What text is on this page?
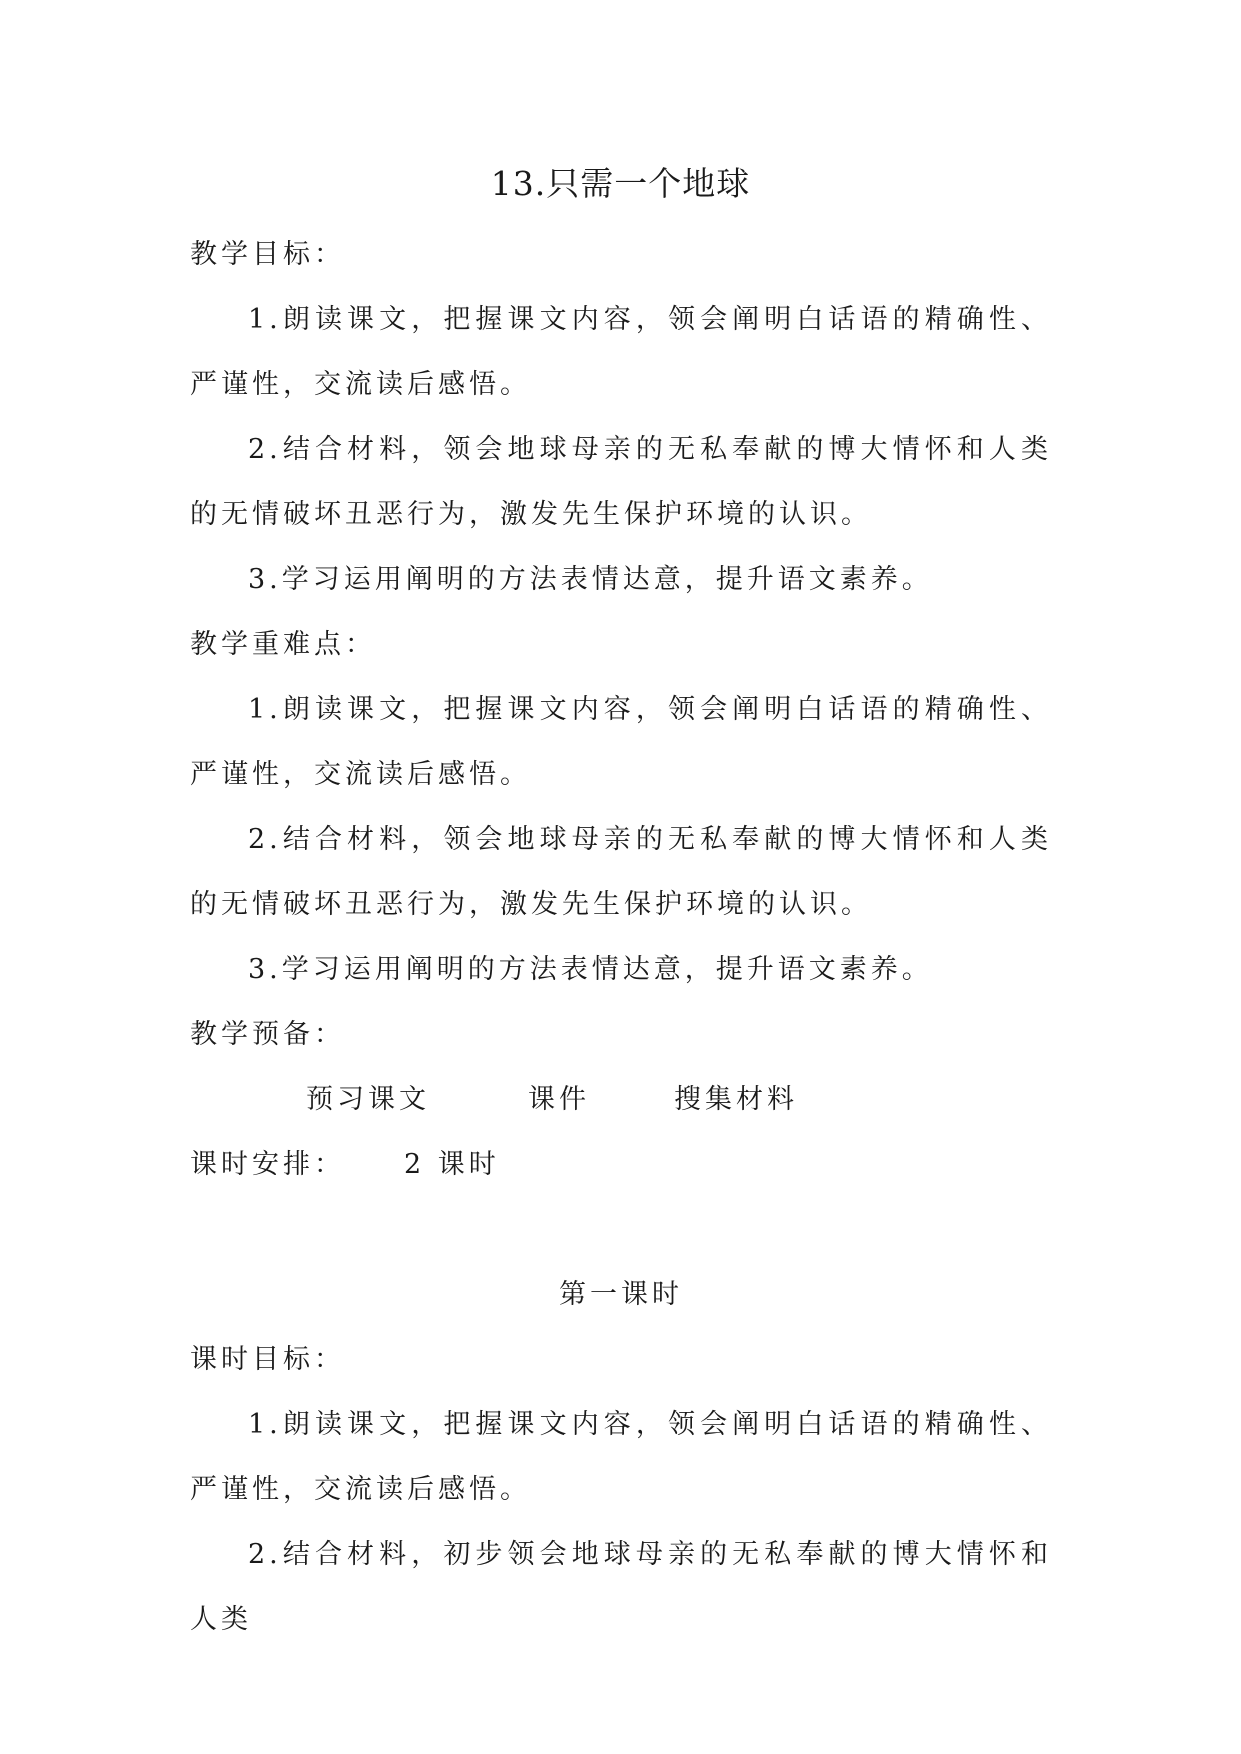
13.只需一个地球

教学目标：

1.朗读课文，把握课文内容，领会阐明白话语的精确性、严谨性，交流读后感悟。

2.结合材料，领会地球母亲的无私奉献的博大情怀和人类的无情破坏丑恶行为，激发先生保护环境的认识。

3.学习运用阐明的方法表情达意，提升语文素养。

教学重难点：

1.朗读课文，把握课文内容，领会阐明白话语的精确性、严谨性，交流读后感悟。

2.结合材料，领会地球母亲的无私奉献的博大情怀和人类的无情破坏丑恶行为，激发先生保护环境的认识。

3.学习运用阐明的方法表情达意，提升语文素养。

教学预备：

预习课文	课件	搜集材料

课时安排： 2 课时

第一课时

课时目标：

1.朗读课文，把握课文内容，领会阐明白话语的精确性、严谨性，交流读后感悟。

2.结合材料，初步领会地球母亲的无私奉献的博大情怀和人类
